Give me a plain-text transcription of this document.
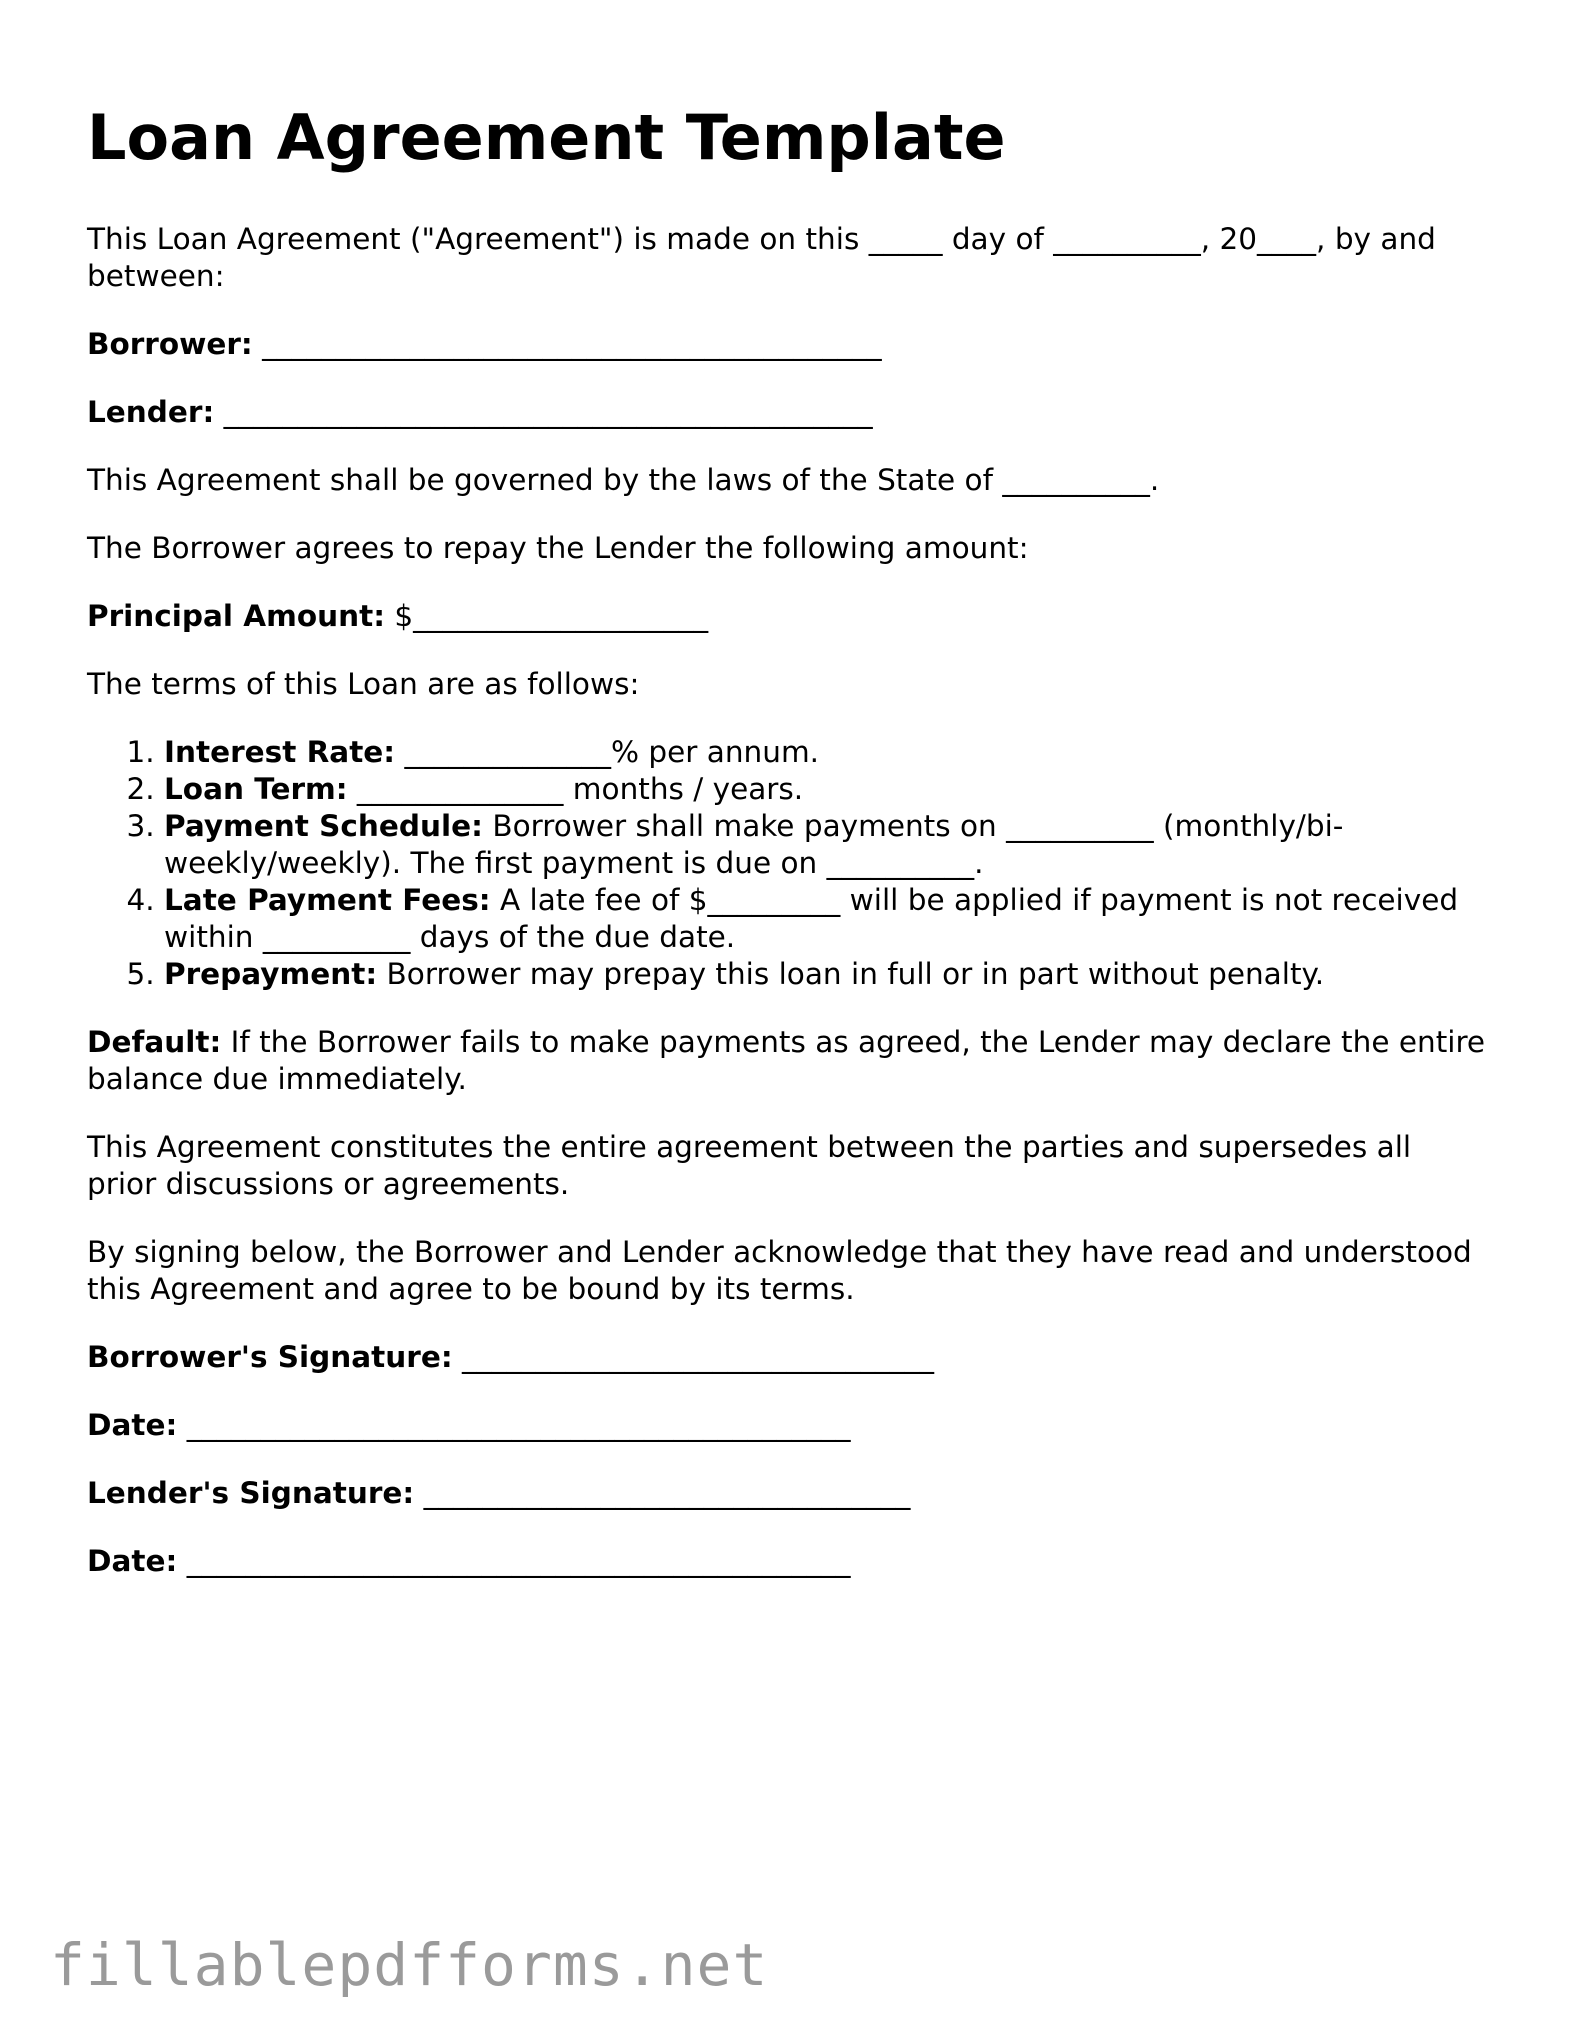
Loan Agreement Template

This Loan Agreement ("Agreement") is made on this _____ day of __________, 20____, by and between:

Borrower: __________________________________________

Lender: ____________________________________________

This Agreement shall be governed by the laws of the State of __________.

The Borrower agrees to repay the Lender the following amount:

Principal Amount: $____________________

The terms of this Loan are as follows:

1. Interest Rate: ______________% per annum.
2. Loan Term: ______________ months / years.
3. Payment Schedule: Borrower shall make payments on __________ (monthly/bi-weekly/weekly). The first payment is due on __________.
4. Late Payment Fees: A late fee of $_________ will be applied if payment is not received within __________ days of the due date.
5. Prepayment: Borrower may prepay this loan in full or in part without penalty.

Default: If the Borrower fails to make payments as agreed, the Lender may declare the entire balance due immediately.

This Agreement constitutes the entire agreement between the parties and supersedes all prior discussions or agreements.

By signing below, the Borrower and Lender acknowledge that they have read and understood this Agreement and agree to be bound by its terms.

Borrower's Signature: ________________________________

Date: _____________________________________________

Lender's Signature: _________________________________

Date: _____________________________________________

fillablepdfforms.net
